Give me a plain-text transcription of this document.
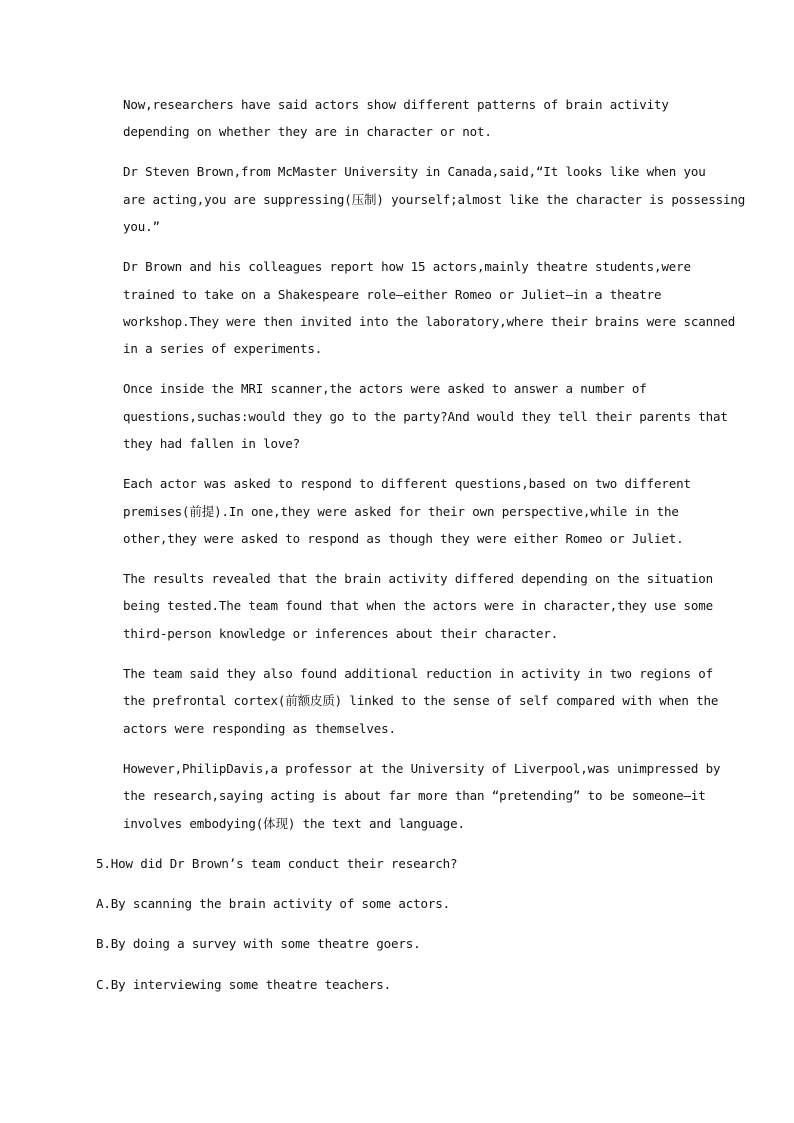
Now,researchers have said actors show different patterns of brain activity
depending on whether they are in character or not.

Dr Steven Brown,from McMaster University in Canada,said,“It looks like when you
are acting,you are suppressing(压制) yourself;almost like the character is possessing
you.”

Dr Brown and his colleagues report how 15 actors,mainly theatre students,were
trained to take on a Shakespeare role—either Romeo or Juliet—in a theatre
workshop.They were then invited into the laboratory,where their brains were scanned
in a series of experiments.

Once inside the MRI scanner,the actors were asked to answer a number of
questions,suchas:would they go to the party?And would they tell their parents that
they had fallen in love?

Each actor was asked to respond to different questions,based on two different
premises(前提).In one,they were asked for their own perspective,while in the
other,they were asked to respond as though they were either Romeo or Juliet.

The results revealed that the brain activity differed depending on the situation
being tested.The team found that when the actors were in character,they use some
third-person knowledge or inferences about their character.

The team said they also found additional reduction in activity in two regions of
the prefrontal cortex(前额皮质) linked to the sense of self compared with when the
actors were responding as themselves.

However,PhilipDavis,a professor at the University of Liverpool,was unimpressed by
the research,saying acting is about far more than “pretending” to be someone—it
involves embodying(体现) the text and language.

5.How did Dr Brown’s team conduct their research?
A.By scanning the brain activity of some actors.
B.By doing a survey with some theatre goers.
C.By interviewing some theatre teachers.
